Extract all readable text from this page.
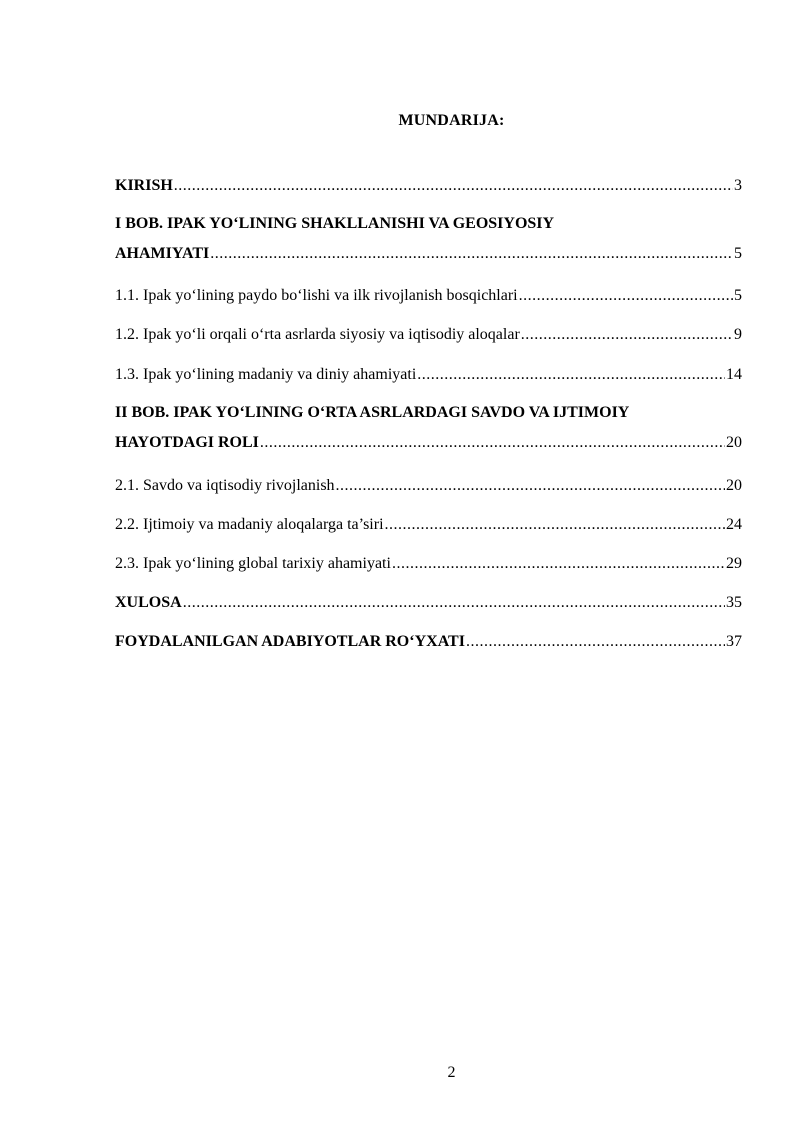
MUNDARIJA:
KIRISH .....	3
I BOB. IPAK YO‘LINING SHAKLLANISHI VA GEOSIYOSIY
AHAMIYATI .....	5
1.1. Ipak yo‘lining paydo bo‘lishi va ilk rivojlanish bosqichlari .....	5
1.2. Ipak yo‘li orqali o‘rta asrlarda siyosiy va iqtisodiy aloqalar .....	9
1.3. Ipak yo‘lining madaniy va diniy ahamiyati .....	14
II BOB. IPAK YO‘LINING O‘RTA ASRLARDAGI SAVDO VA IJTIMOIY
HAYOTDAGI ROLI .....	20
2.1. Savdo va iqtisodiy rivojlanish .....	20
2.2. Ijtimoiy va madaniy aloqalarga ta’siri .....	24
2.3. Ipak yo‘lining global tarixiy ahamiyati .....	29
XULOSA .....	35
FOYDALANILGAN ADABIYOTLAR RO‘YXATI .....	37
2
